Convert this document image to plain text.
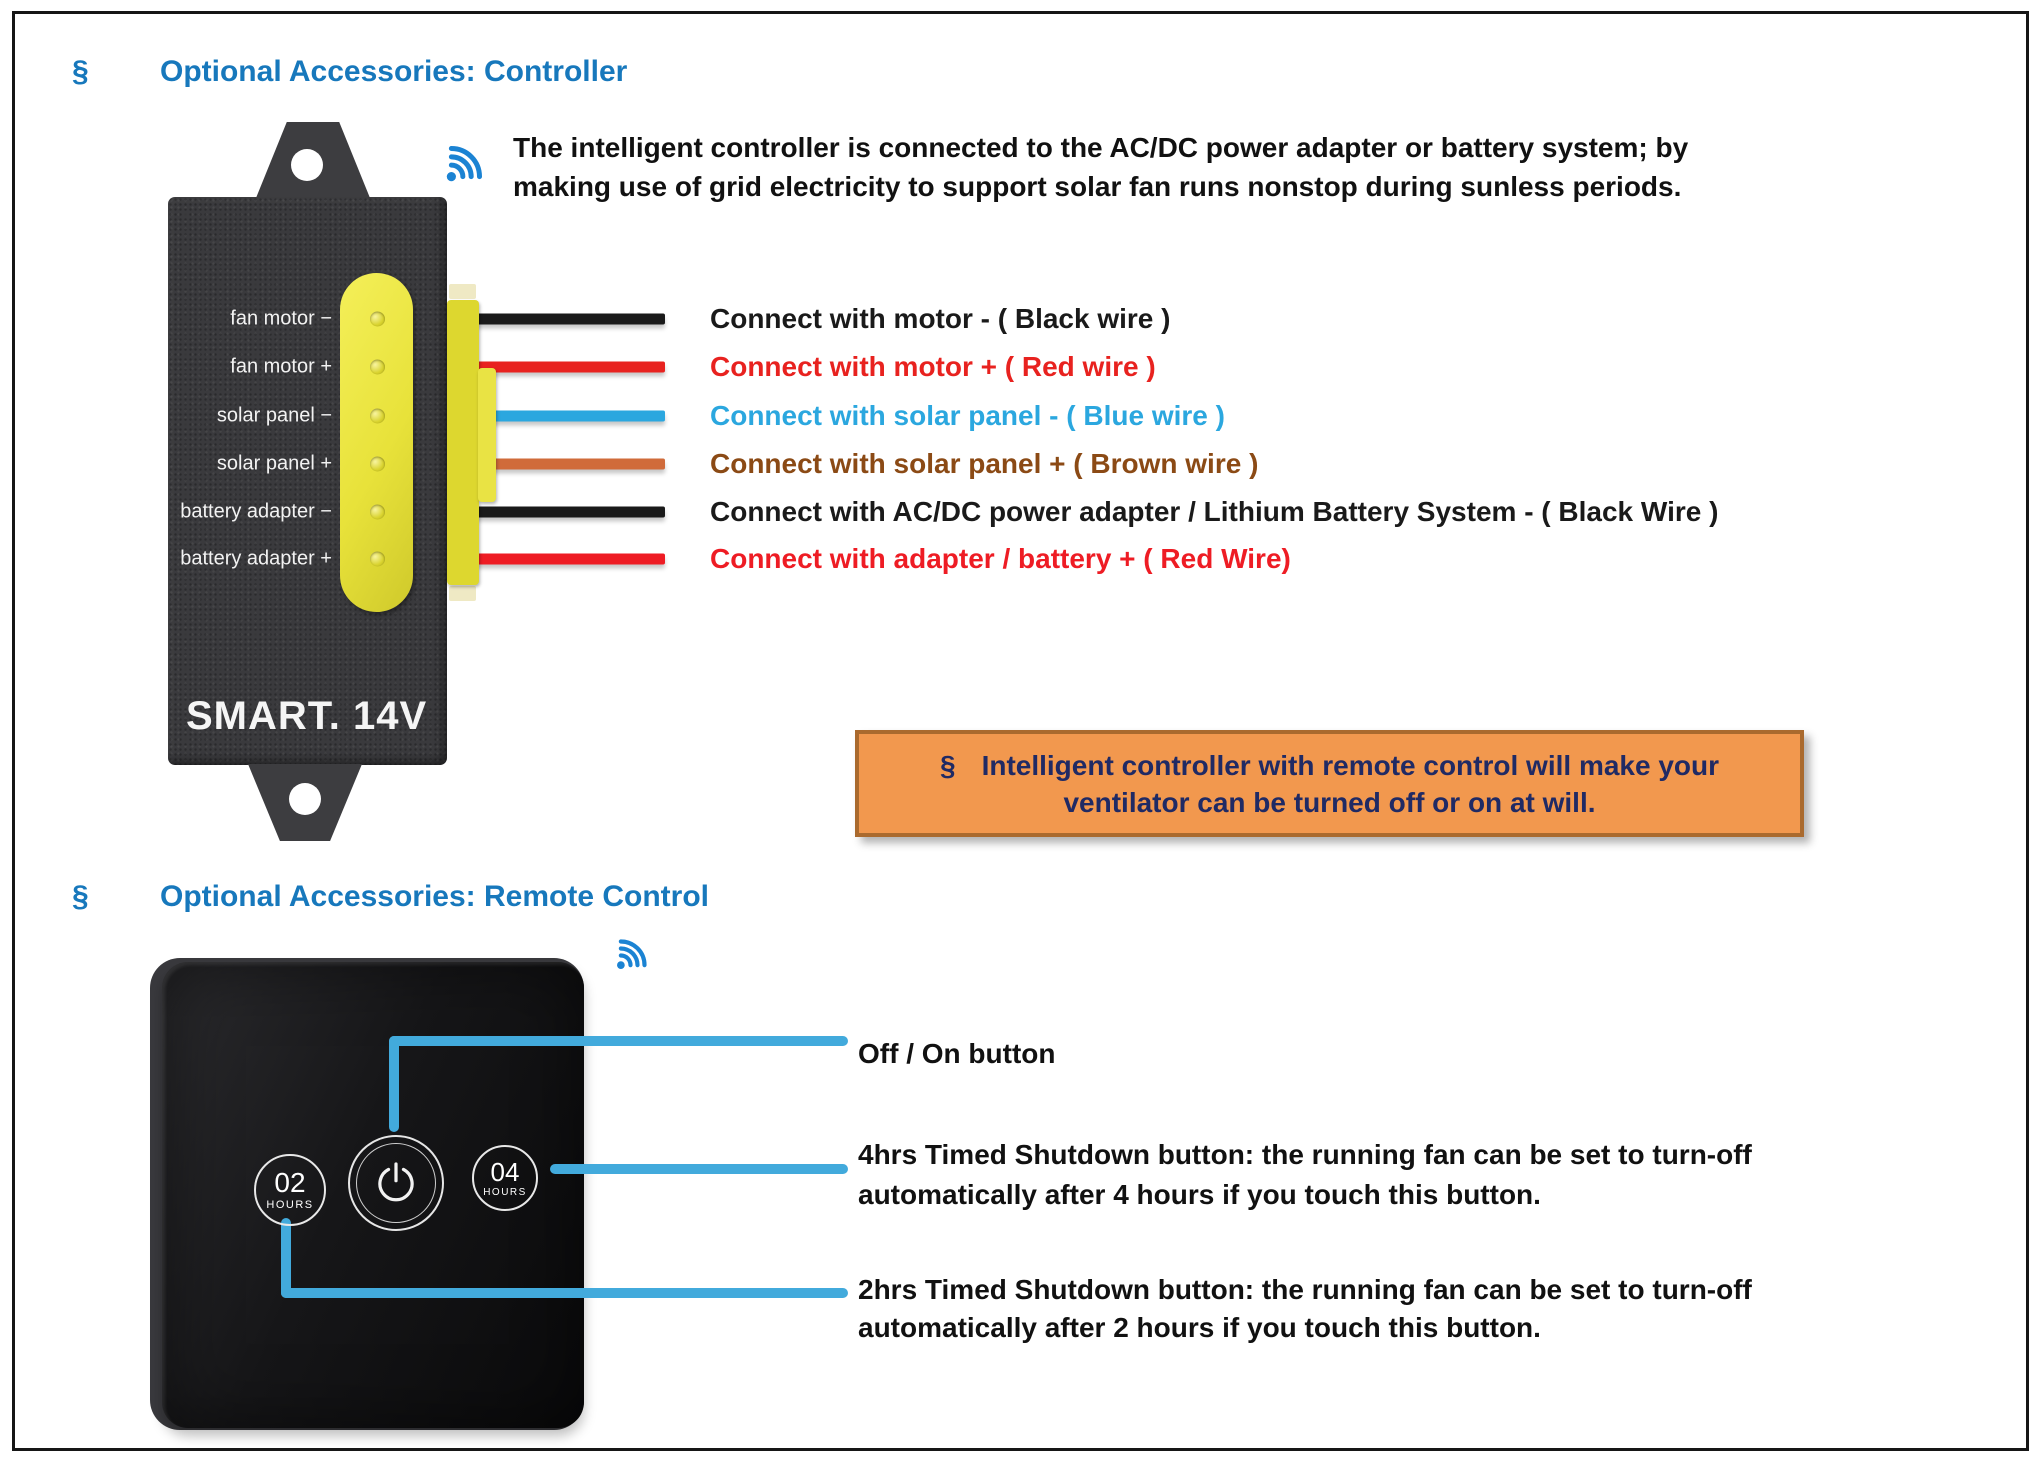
§ Optional Accessories: Controller
The intelligent controller is connected to the AC/DC power adapter or battery system; by
making use of grid electricity to support solar fan runs nonstop during sunless periods.
fan motor −
fan motor +
solar panel −
solar panel +
battery adapter −
battery adapter +
SMART. 14V
Connect with motor - ( Black wire )
Connect with motor + ( Red wire )
Connect with solar panel - ( Blue wire )
Connect with solar panel + ( Brown wire )
Connect with AC/DC power adapter / Lithium Battery System - ( Black Wire )
Connect with adapter / battery + ( Red Wire)
§ Intelligent controller with remote control will make your
ventilator can be turned off or on at will.
§ Optional Accessories: Remote Control
02
HOURS
04
HOURS
Off / On button
4hrs Timed Shutdown button: the running fan can be set to turn-off
automatically after 4 hours if you touch this button.
2hrs Timed Shutdown button: the running fan can be set to turn-off
automatically after 2 hours if you touch this button.
